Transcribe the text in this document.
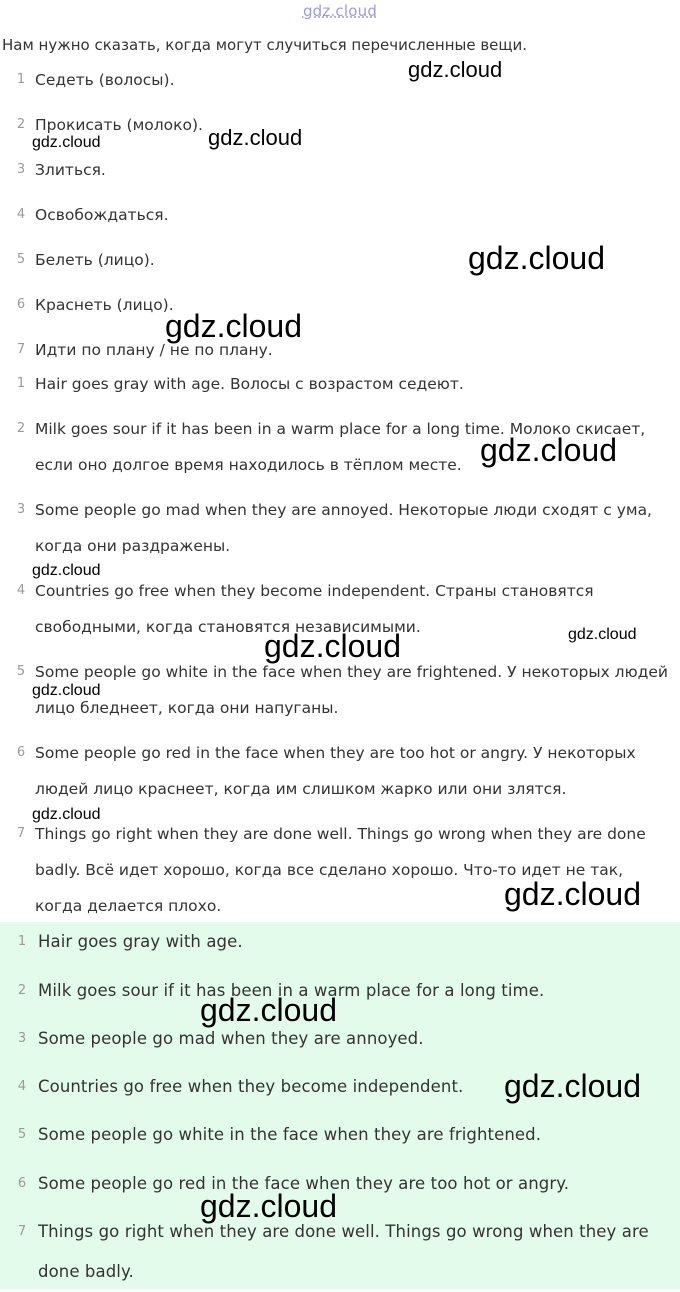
gdz.cloud
Нам нужно сказать, когда могут случиться перечисленные вещи.
1 Седеть (волосы).
2 Прокисать (молоко).
3 Злиться.
4 Освобождаться.
5 Белеть (лицо).
6 Краснеть (лицо).
7 Идти по плану / не по плану.
1 Hair goes gray with age. Волосы с возрастом седеют.
2 Milk goes sour if it has been in a warm place for a long time. Молоко скисает, если оно долгое время находилось в тёплом месте.
3 Some people go mad when they are annoyed. Некоторые люди сходят с ума, когда они раздражены.
4 Countries go free when they become independent. Страны становятся свободными, когда становятся независимыми.
5 Some people go white in the face when they are frightened. У некоторых людей лицо бледнеет, когда они напуганы.
6 Some people go red in the face when they are too hot or angry. У некоторых людей лицо краснеет, когда им слишком жарко или они злятся.
7 Things go right when they are done well. Things go wrong when they are done badly. Всё идет хорошо, когда все сделано хорошо. Что-то идет не так, когда делается плохо.
1 Hair goes gray with age.
2 Milk goes sour if it has been in a warm place for a long time.
3 Some people go mad when they are annoyed.
4 Countries go free when they become independent.
5 Some people go white in the face when they are frightened.
6 Some people go red in the face when they are too hot or angry.
7 Things go right when they are done well. Things go wrong when they are done badly.
gdz.cloud
gdz.cloud
gdz.cloud
gdz.cloud
gdz.cloud
gdz.cloud
gdz.cloud
gdz.cloud
gdz.cloud
gdz.cloud
gdz.cloud
gdz.cloud
gdz.cloud
gdz.cloud
gdz.cloud
